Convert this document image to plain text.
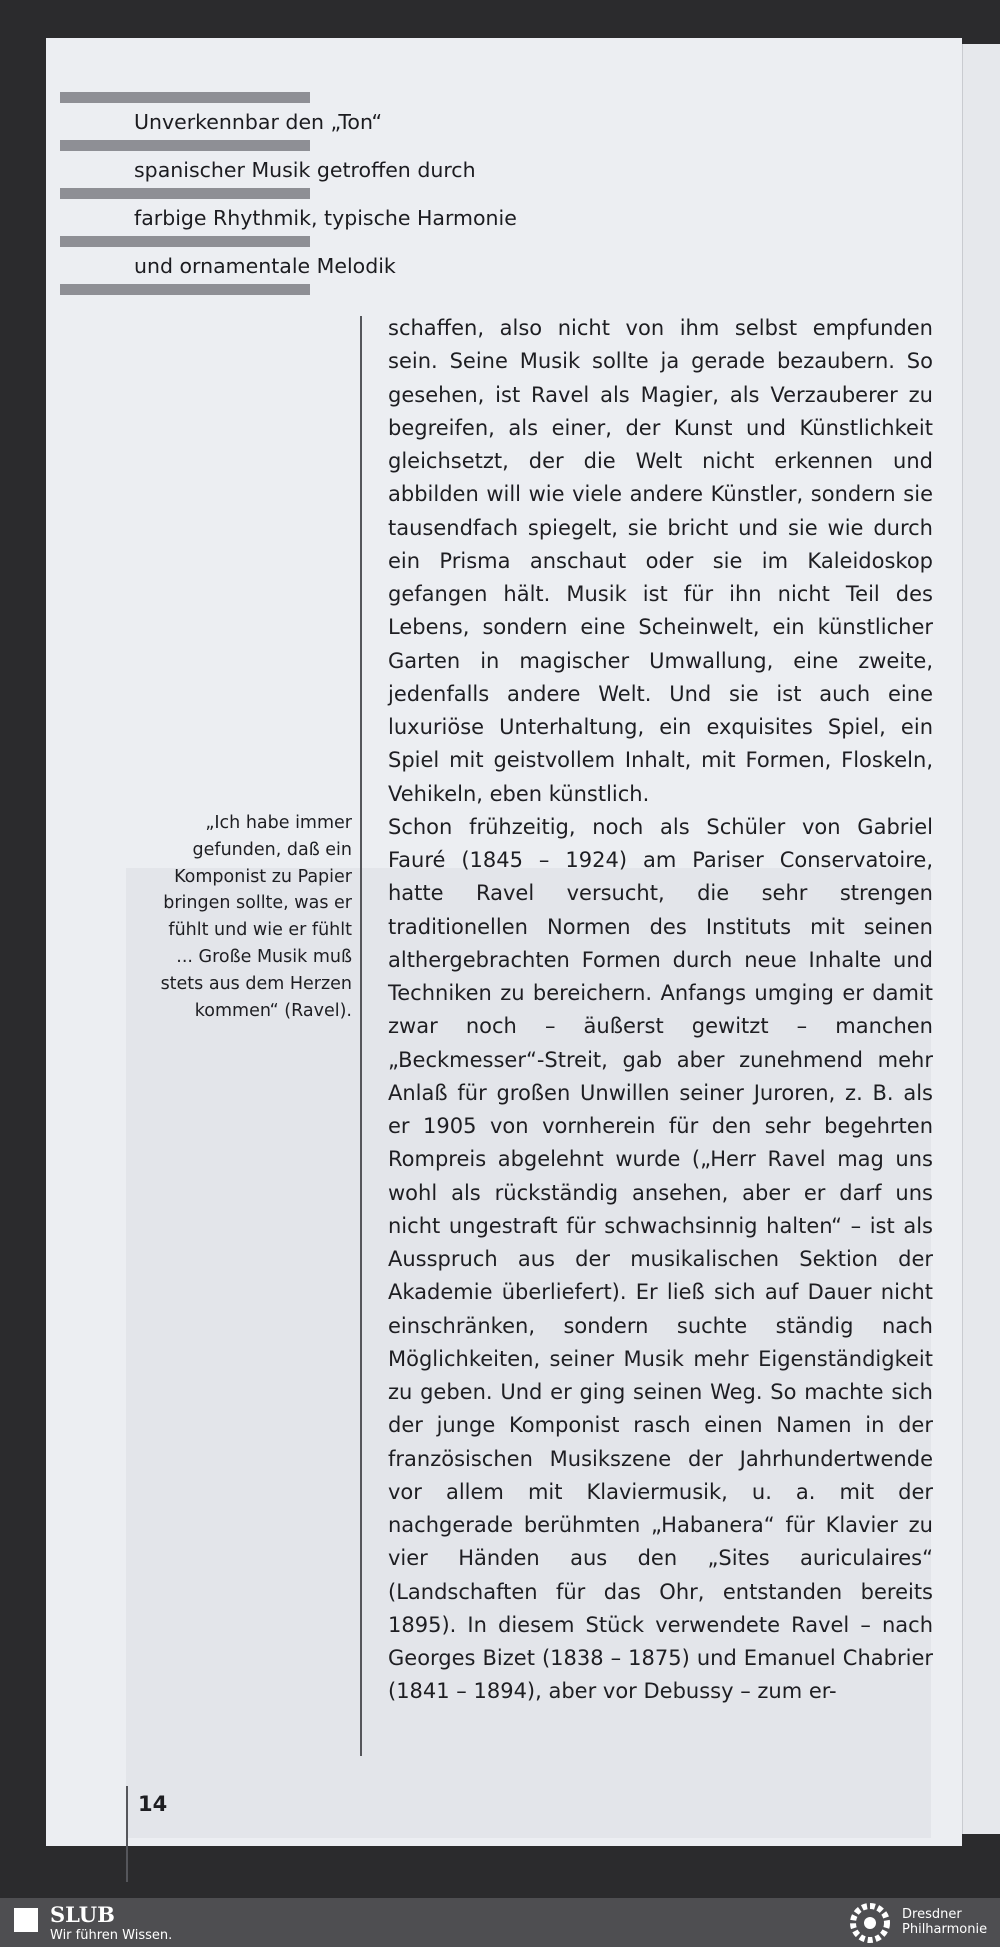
Unverkennbar den „Ton“
spanischer Musik getroffen durch
farbige Rhythmik, typische Harmonie
und ornamentale Melodik

schaffen, also nicht von ihm selbst empfunden sein. Seine Musik sollte ja gerade bezaubern. So gesehen, ist Ravel als Magier, als Verzauberer zu begreifen, als einer, der Kunst und Künstlichkeit gleichsetzt, der die Welt nicht erkennen und abbilden will wie viele andere Künstler, sondern sie tausendfach spiegelt, sie bricht und sie wie durch ein Prisma anschaut oder sie im Kaleidoskop gefangen hält. Musik ist für ihn nicht Teil des Lebens, sondern eine Scheinwelt, ein künstlicher Garten in magischer Umwallung, eine zweite, jedenfalls andere Welt. Und sie ist auch eine luxuriöse Unterhaltung, ein exquisites Spiel, ein Spiel mit geistvollem Inhalt, mit Formen, Floskeln, Vehikeln, eben künstlich.

Schon frühzeitig, noch als Schüler von Gabriel Fauré (1845 – 1924) am Pariser Conservatoire, hatte Ravel versucht, die sehr strengen traditionellen Normen des Instituts mit seinen althergebrachten Formen durch neue Inhalte und Techniken zu bereichern. Anfangs umging er damit zwar noch – äußerst gewitzt – manchen „Beckmesser“-Streit, gab aber zunehmend mehr Anlaß für großen Unwillen seiner Juroren, z. B. als er 1905 von vornherein für den sehr begehrten Rompreis abgelehnt wurde („Herr Ravel mag uns wohl als rückständig ansehen, aber er darf uns nicht ungestraft für schwachsinnig halten“ – ist als Ausspruch aus der musikalischen Sektion der Akademie überliefert). Er ließ sich auf Dauer nicht einschränken, sondern suchte ständig nach Möglichkeiten, seiner Musik mehr Eigenständigkeit zu geben. Und er ging seinen Weg. So machte sich der junge Komponist rasch einen Namen in der französischen Musikszene der Jahrhundertwende vor allem mit Klaviermusik, u. a. mit der nachgerade berühmten „Habanera“ für Klavier zu vier Händen aus den „Sites auriculaires“ (Landschaften für das Ohr, entstanden bereits 1895). In diesem Stück verwendete Ravel – nach Georges Bizet (1838 – 1875) und Emanuel Chabrier (1841 – 1894), aber vor Debussy – zum er-

„Ich habe immer gefunden, daß ein Komponist zu Papier bringen sollte, was er fühlt und wie er fühlt ... Große Musik muß stets aus dem Herzen kommen“ (Ravel).
14
SLUB
Wir führen Wissen.
Dresdner
Philharmonie
